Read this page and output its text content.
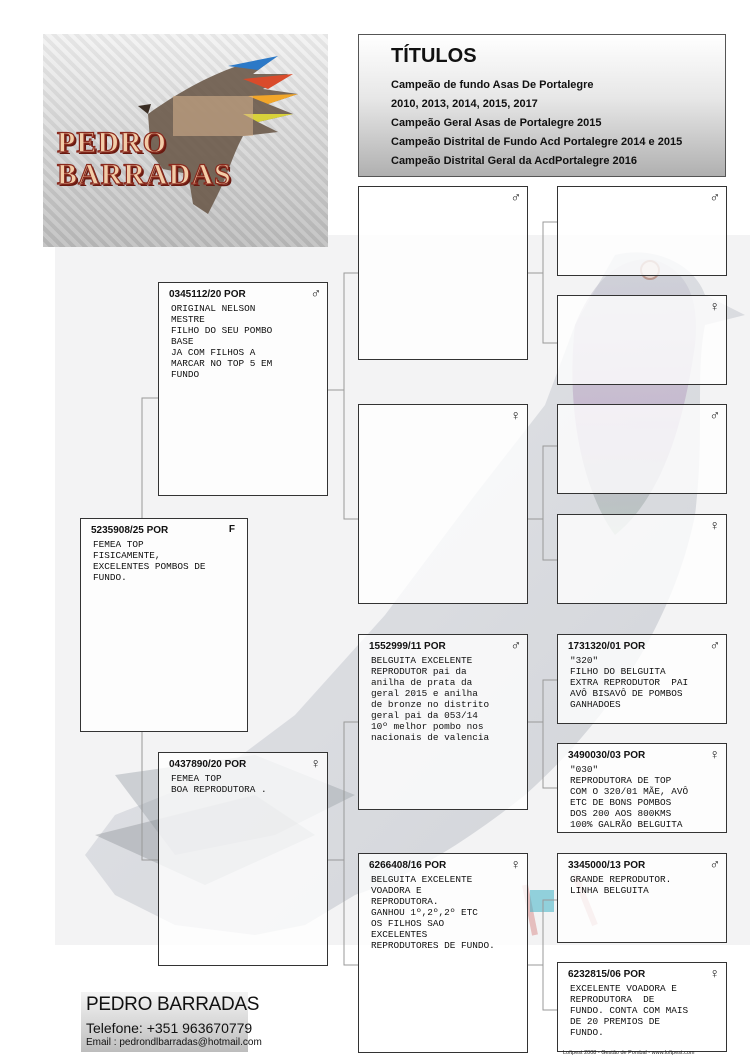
PEDRO
BARRADAS
TÍTULOS
Campeão de fundo Asas De Portalegre
2010, 2013, 2014, 2015, 2017
Campeão Geral Asas de Portalegre 2015
Campeão Distrital de Fundo Acd Portalegre 2014 e 2015
Campeão Distrital Geral da AcdPortalegre 2016
5235908/25 POR	F
FEMEA TOP
FISICAMENTE,
EXCELENTES POMBOS DE
FUNDO.
0345112/20 POR	♂
ORIGINAL NELSON
MESTRE
FILHO DO SEU POMBO
BASE
JA COM FILHOS A
MARCAR NO TOP 5 EM
FUNDO
0437890/20 POR	♀
FEMEA TOP
BOA REPRODUTORA .
♂
♀
1552999/11 POR	♂
BELGUITA EXCELENTE
REPRODUTOR pai da
anilha de prata da
geral 2015 e anilha
de bronze no distrito
geral pai da 053/14
10º melhor pombo nos
nacionais de valencia
6266408/16 POR	♀
BELGUITA EXCELENTE
VOADORA E
REPRODUTORA.
GANHOU 1º,2º,2º ETC
OS FILHOS SAO
EXCELENTES
REPRODUTORES DE FUNDO.
♂
♀
♂
♀
1731320/01 POR	♂
"320"
FILHO DO BELGUITA
EXTRA REPRODUTOR  PAI
AVÔ BISAVÔ DE POMBOS
GANHADOES
3490030/03 POR	♀
"030"
REPRODUTORA DE TOP
COM O 320/01 MÃE, AVÔ
ETC DE BONS POMBOS
DOS 200 AOS 800KMS
100% GALRÃO BELGUITA
3345000/13 POR	♂
GRANDE REPRODUTOR.
LINHA BELGUITA
6232815/06 POR	♀
EXCELENTE VOADORA E
REPRODUTORA  DE
FUNDO. CONTA COM MAIS
DE 20 PREMIOS DE
FUNDO.
PEDRO BARRADAS
Telefone: +351 963670779
Email : pedrondlbarradas@hotmail.com
Loftpest 2008 - Gestão de Pombal - www.loftpest.com
